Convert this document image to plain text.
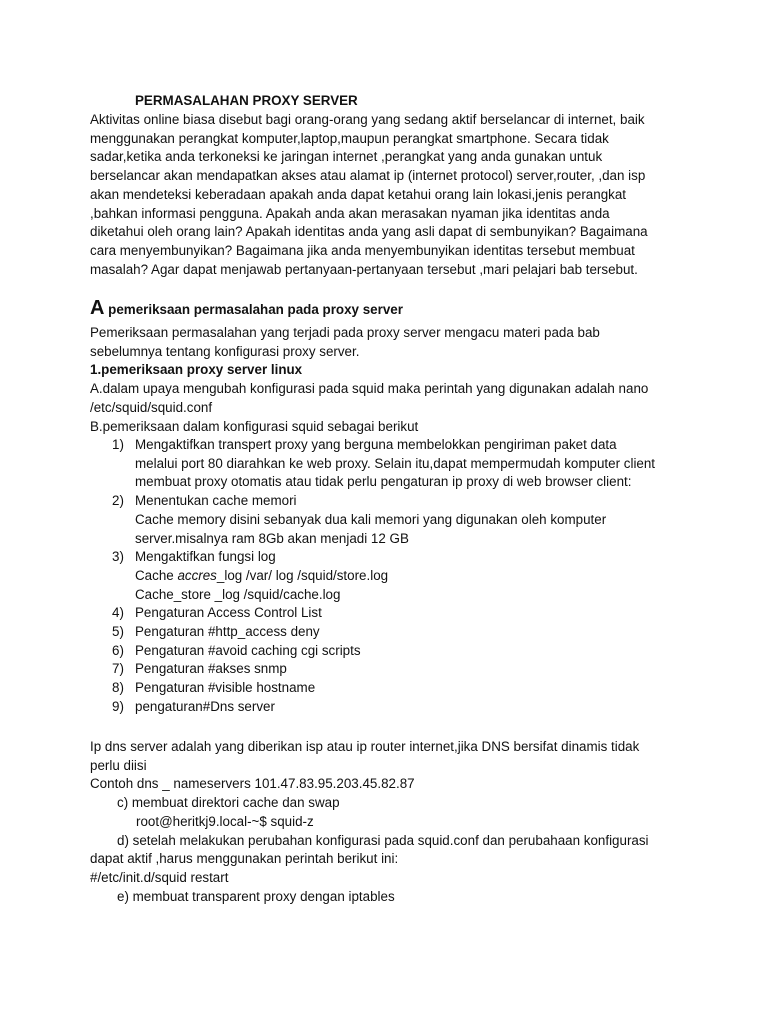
PERMASALAHAN PROXY SERVER
Aktivitas online biasa disebut bagi orang-orang yang sedang aktif berselancar di internet, baik
menggunakan perangkat komputer,laptop,maupun perangkat smartphone. Secara tidak
sadar,ketika anda terkoneksi ke jaringan internet ,perangkat yang anda gunakan untuk
berselancar akan mendapatkan akses atau alamat ip (internet protocol) server,router, ,dan isp
akan mendeteksi keberadaan apakah anda dapat ketahui orang lain lokasi,jenis perangkat
,bahkan informasi pengguna. Apakah anda akan merasakan nyaman jika identitas anda
diketahui oleh orang lain? Apakah identitas anda yang asli dapat di sembunyikan? Bagaimana
cara menyembunyikan? Bagaimana jika anda menyembunyikan identitas tersebut membuat
masalah? Agar dapat menjawab pertanyaan-pertanyaan tersebut ,mari pelajari bab tersebut.
A pemeriksaan permasalahan pada proxy server
Pemeriksaan permasalahan yang terjadi pada proxy server mengacu materi pada bab
sebelumnya tentang konfigurasi proxy server.
1.pemeriksaan proxy server linux
A.dalam upaya mengubah konfigurasi pada squid maka perintah yang digunakan adalah nano
/etc/squid/squid.conf
B.pemeriksaan dalam konfigurasi squid sebagai berikut
1) Mengaktifkan transpert proxy yang berguna membelokkan pengiriman paket data
melalui port 80 diarahkan ke web proxy. Selain itu,dapat mempermudah komputer client
membuat proxy otomatis atau tidak perlu pengaturan ip proxy di web browser client:
2) Menentukan cache memori
Cache memory disini sebanyak dua kali memori yang digunakan oleh komputer
server.misalnya ram 8Gb akan menjadi 12 GB
3) Mengaktifkan fungsi log
Cache accres_log /var/ log /squid/store.log
Cache_store _log /squid/cache.log
4) Pengaturan Access Control List
5) Pengaturan #http_access deny
6) Pengaturan #avoid caching cgi scripts
7) Pengaturan #akses snmp
8) Pengaturan #visible hostname
9) pengaturan#Dns server
Ip dns server adalah yang diberikan isp atau ip router internet,jika DNS bersifat dinamis tidak
perlu diisi
Contoh dns _ nameservers 101.47.83.95.203.45.82.87
c) membuat direktori cache dan swap
root@heritkj9.local-~$ squid-z
d) setelah melakukan perubahan konfigurasi pada squid.conf dan perubahaan konfigurasi
dapat aktif ,harus menggunakan perintah berikut ini:
#/etc/init.d/squid restart
e) membuat transparent proxy dengan iptables
